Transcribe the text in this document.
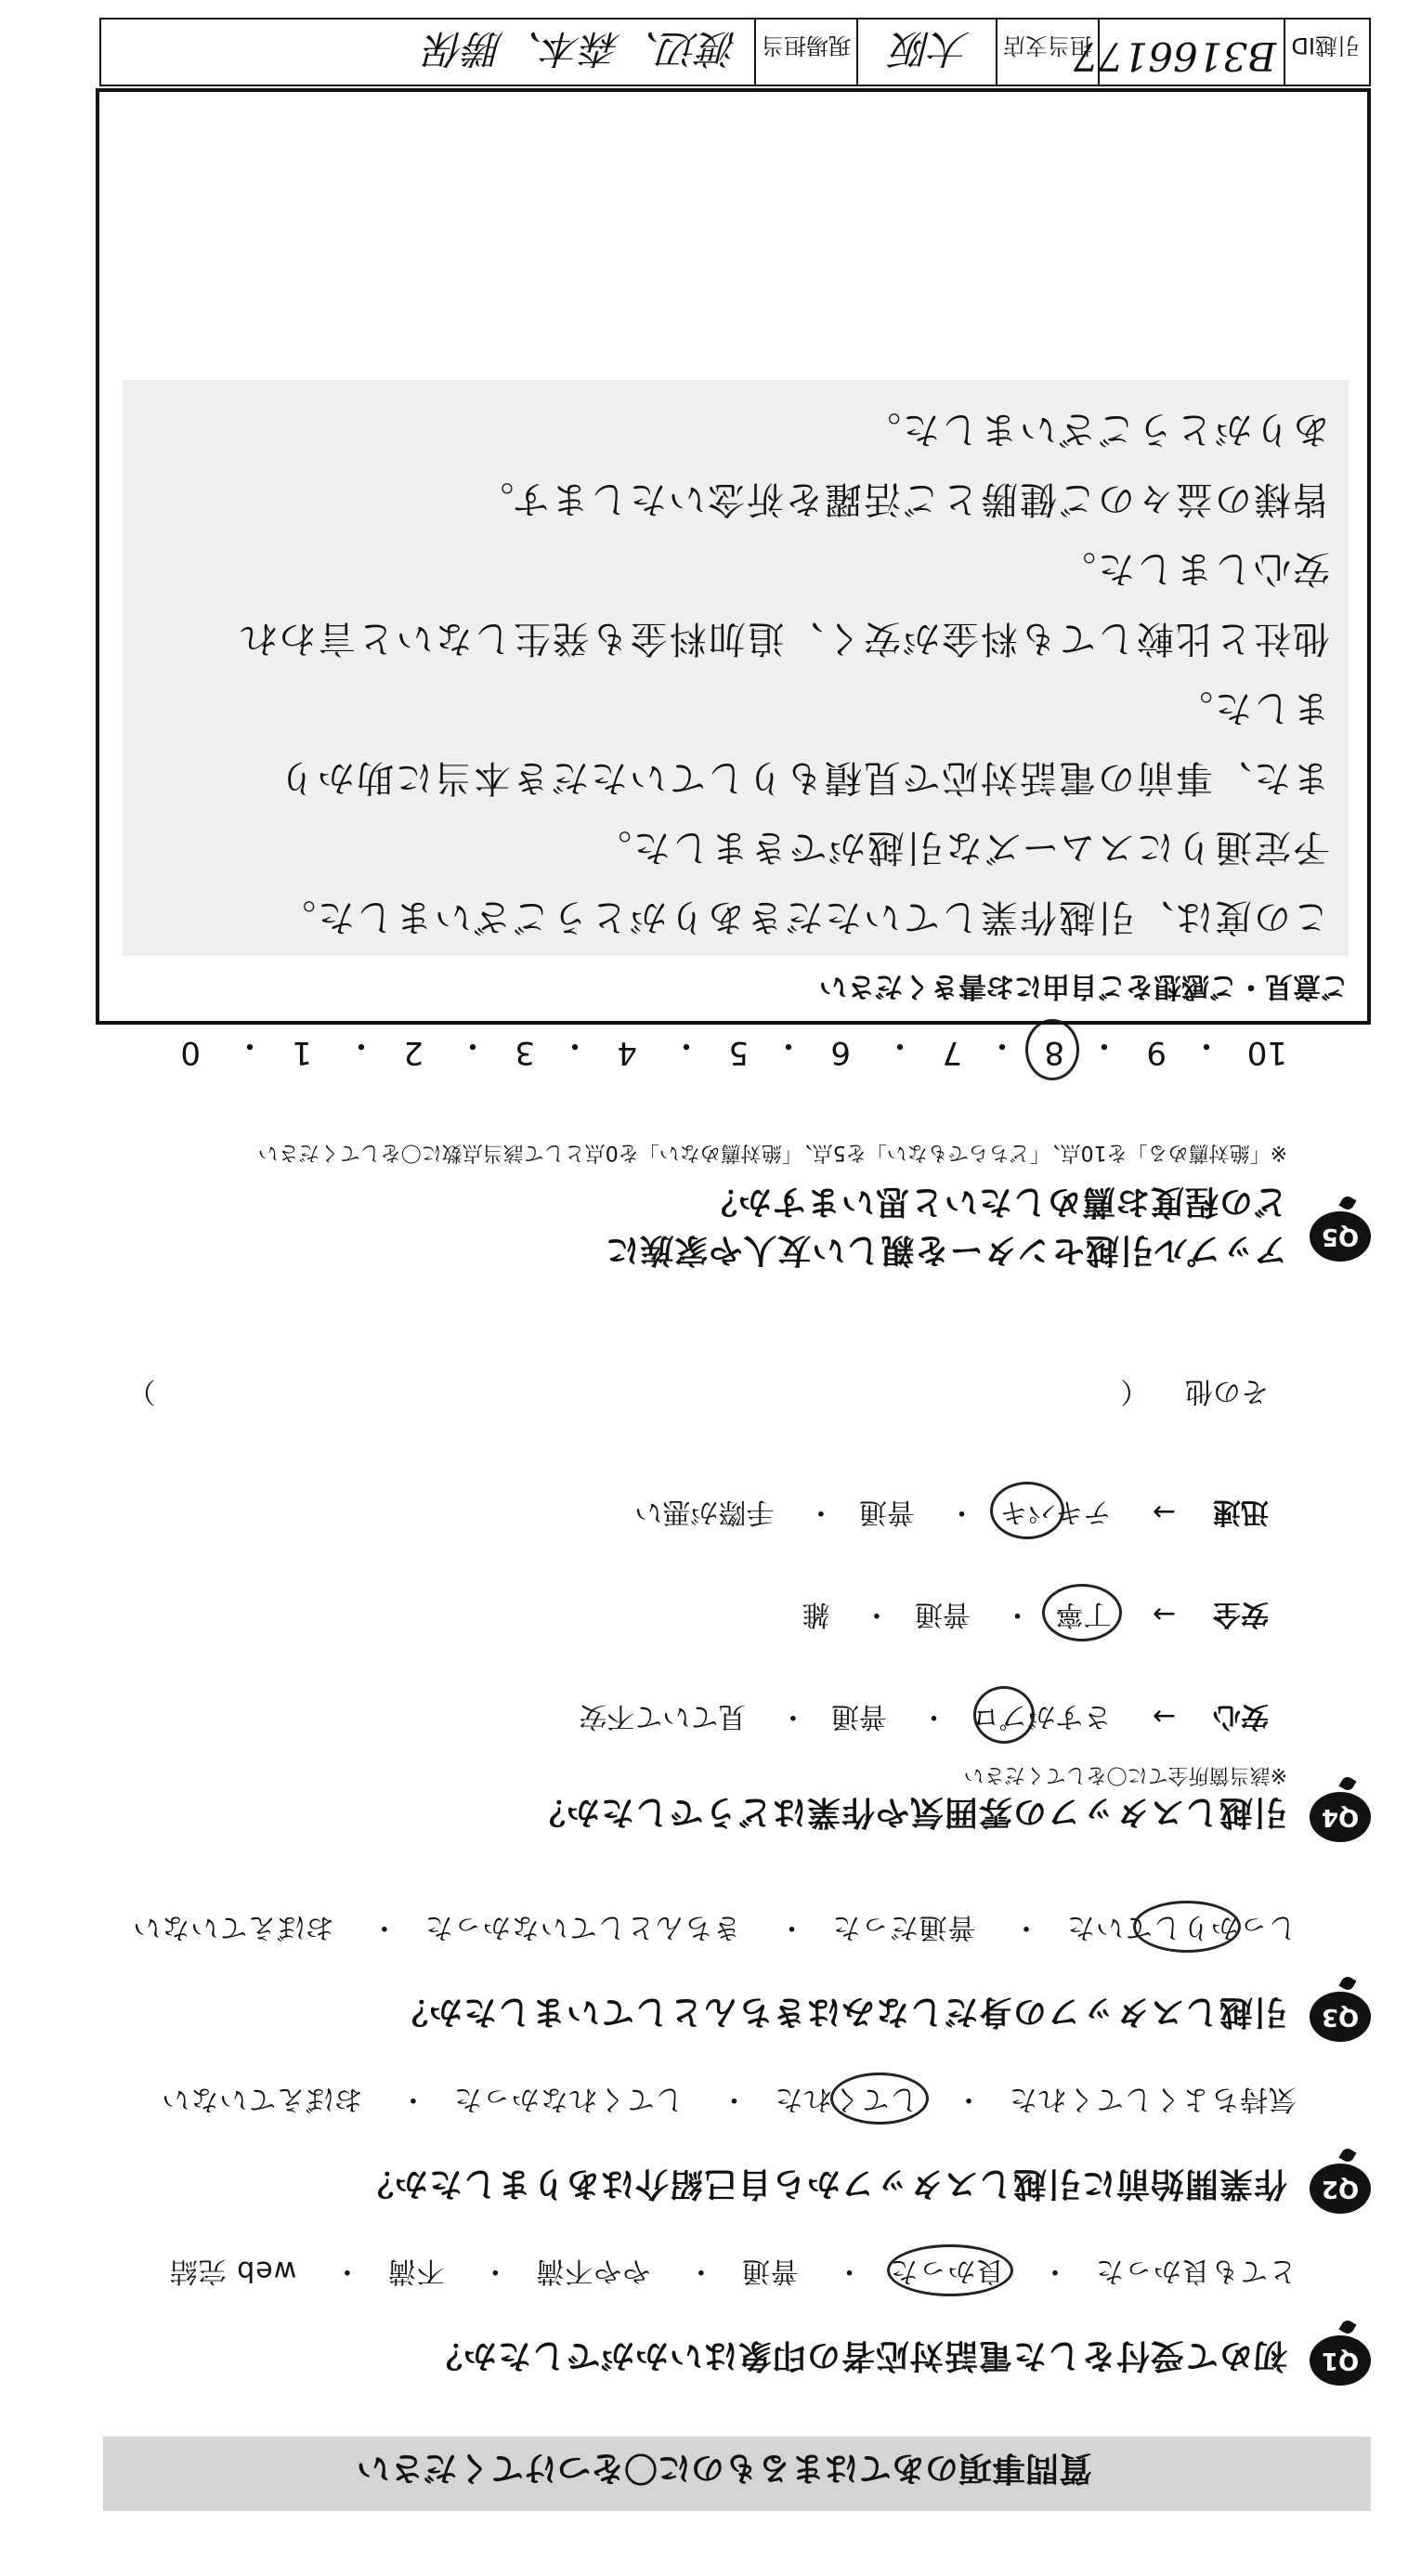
質問事項のあてはまるものに〇をつけてください
Q1
初めて受付をした電話対応者の印象はいかがでしたか？
とても良かった・ 良かった
・ 普通・ やや不満・ 不満・ web 完結
Q2
作業開始前に引越しスタッフから自己紹介はありましたか？
気持ちよくしてくれた・ してくれた
・ してくれなかった・ おぼえていない
Q3
引越しスタッフの身だしなみはきちんとしていましたか？
しっかりしていた
・ 普通だった・ きちんとしていなかった・ おぼえていない
Q4
引越しスタッフの雰囲気や作業はどうでしたか？
※該当箇所全てに〇をしてください
安心→ さすがプロ
・ 普通・ 見ていて不安
安全→ 丁寧
・ 普通・ 雑
迅速→ テキパキ
・ 普通・ 手際が悪い
その他 （  ）
Q5
アップル引越センターを親しい友人や家族に
どの程度お薦めしたいと思いますか？
※「絶対薦める」を10点、「どちらでもない」を5点、「絶対薦めない」を0点として該当点数に〇をしてください
10
・
9
・
8
・
7
・
6
・
5
・
4
・
3
・
2
・
1
・
0
ご意見・ご感想をご自由にお書きください
この度は、引越作業していただきありがとうございました。
予定通りにスムーズな引越ができました。
また、事前の電話対応で見積もりしていただき本当に助かり
ました。
他社と比較しても料金が安く、追加料金も発生しないと言われ
安心しました。
皆様の益々のご健勝とご活躍を祈念いたします。
ありがとうございました。
引越ID
B3166177
担当支店
大阪
現場担当
渡辺、森本、勝保
